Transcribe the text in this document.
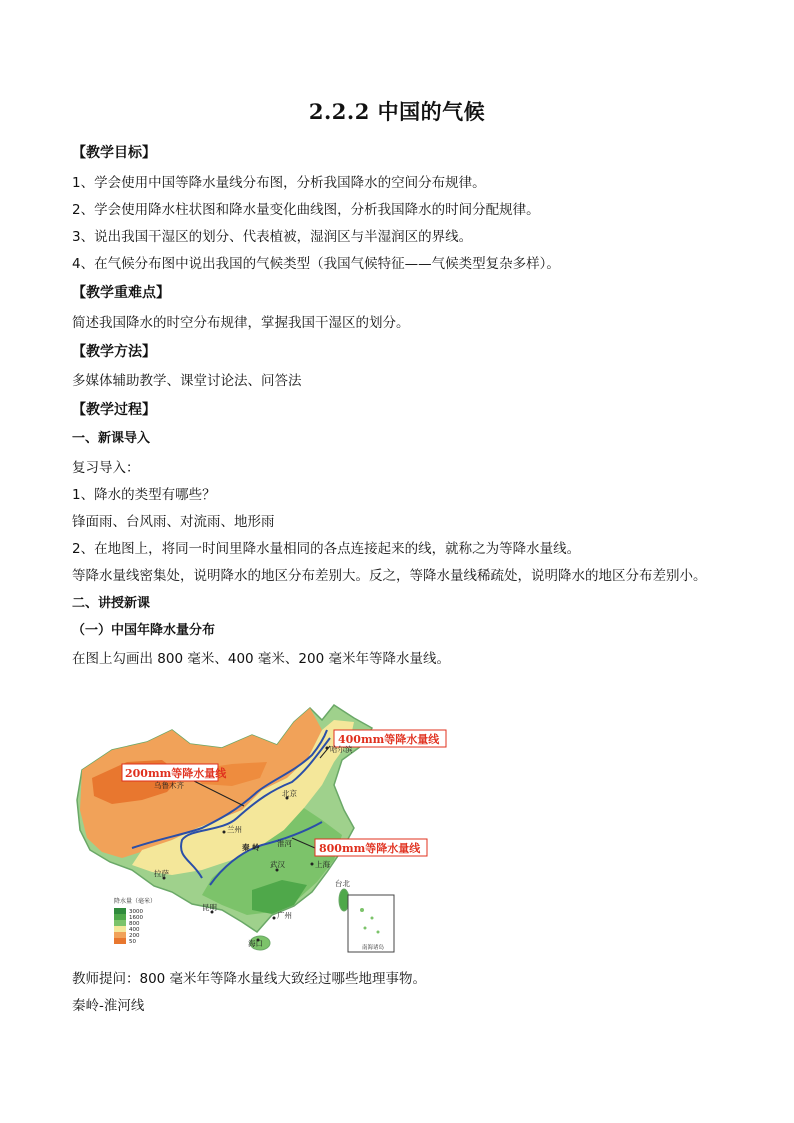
2.2.2 中国的气候
【教学目标】
1、学会使用中国等降水量线分布图，分析我国降水的空间分布规律。
2、学会使用降水柱状图和降水量变化曲线图，分析我国降水的时间分配规律。
3、说出我国干湿区的划分、代表植被，湿润区与半湿润区的界线。
4、在气候分布图中说出我国的气候类型（我国气候特征——气候类型复杂多样）。
【教学重难点】
简述我国降水的时空分布规律，掌握我国干湿区的划分。
【教学方法】
多媒体辅助教学、课堂讨论法、问答法
【教学过程】
一、新课导入
复习导入：
1、降水的类型有哪些？
锋面雨、台风雨、对流雨、地形雨
2、在地图上，将同一时间里降水量相同的各点连接起来的线，就称之为等降水量线。
等降水量线密集处，说明降水的地区分布差别大。反之，等降水量线稀疏处，说明降水的地区分布差别小。
二、讲授新课
（一）中国年降水量分布
在图上勾画出 800 毫米、400 毫米、200 毫米年等降水量线。
200mm等降水量线
400mm等降水量线
800mm等降水量线
哈尔滨
北京
兰州
秦 岭 淮河
武汉	上海
拉萨
昆明
广州
台北
海口
乌鲁木齐
降水量（毫米）
3000
1600
800
400
200
50
南海诸岛
教师提问：800 毫米年等降水量线大致经过哪些地理事物。
秦岭-淮河线
